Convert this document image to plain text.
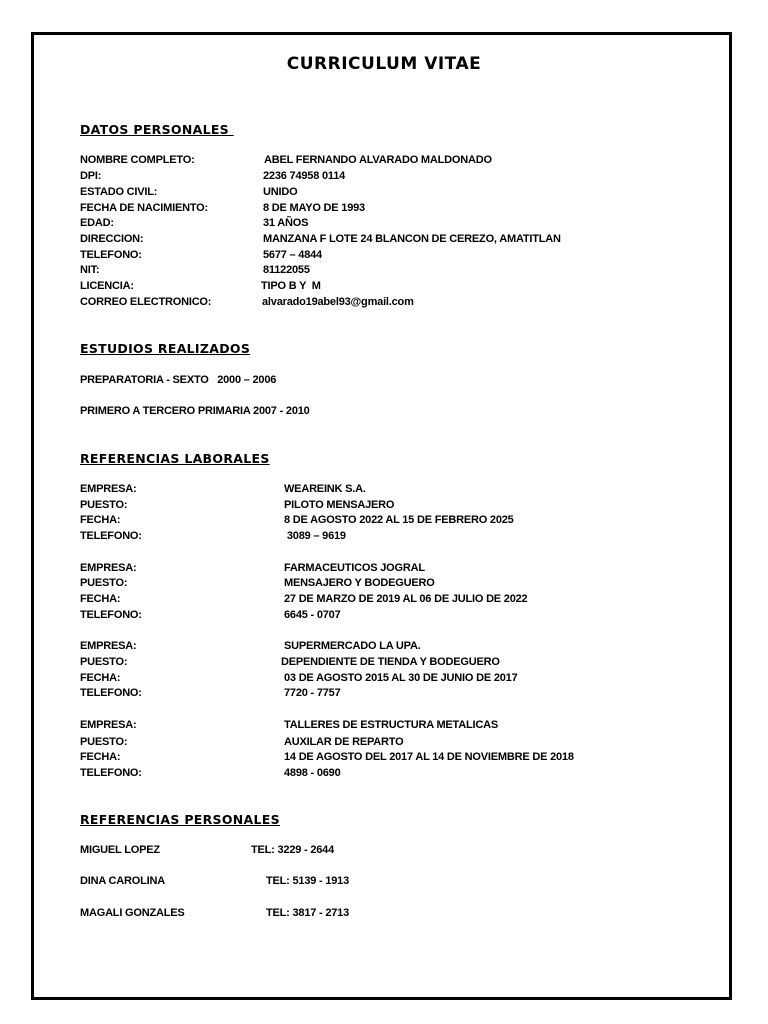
CURRICULUM VITAE
DATOS PERSONALES
NOMBRE COMPLETO:	ABEL FERNANDO ALVARADO MALDONADO
DPI:	2236 74958 0114
ESTADO CIVIL:	UNIDO
FECHA DE NACIMIENTO:	8 DE MAYO DE 1993
EDAD:	31 AÑOS
DIRECCION:	MANZANA F LOTE 24 BLANCON DE CEREZO, AMATITLAN
TELEFONO:	5677 – 4844
NIT:	81122055
LICENCIA:	TIPO B Y  M
CORREO ELECTRONICO:	alvarado19abel93@gmail.com
ESTUDIOS REALIZADOS
PREPARATORIA - SEXTO   2000 – 2006
PRIMERO A TERCERO PRIMARIA 2007 - 2010
REFERENCIAS LABORALES
EMPRESA:	WEAREINK S.A.
PUESTO:	PILOTO MENSAJERO
FECHA:	8 DE AGOSTO 2022 AL 15 DE FEBRERO 2025
TELEFONO:	3089 – 9619
EMPRESA:	FARMACEUTICOS JOGRAL
PUESTO:	MENSAJERO Y BODEGUERO
FECHA:	27 DE MARZO DE 2019 AL 06 DE JULIO DE 2022
TELEFONO:	6645 - 0707
EMPRESA:	SUPERMERCADO LA UPA.
PUESTO:	DEPENDIENTE DE TIENDA Y BODEGUERO
FECHA:	03 DE AGOSTO 2015 AL 30 DE JUNIO DE 2017
TELEFONO:	7720 - 7757
EMPRESA:	TALLERES DE ESTRUCTURA METALICAS
PUESTO:	AUXILAR DE REPARTO
FECHA:	14 DE AGOSTO DEL 2017 AL 14 DE NOVIEMBRE DE 2018
TELEFONO:	4898 - 0690
REFERENCIAS PERSONALES
MIGUEL LOPEZ	TEL: 3229 - 2644
DINA CAROLINA	TEL: 5139 - 1913
MAGALI GONZALES	TEL: 3817 - 2713
